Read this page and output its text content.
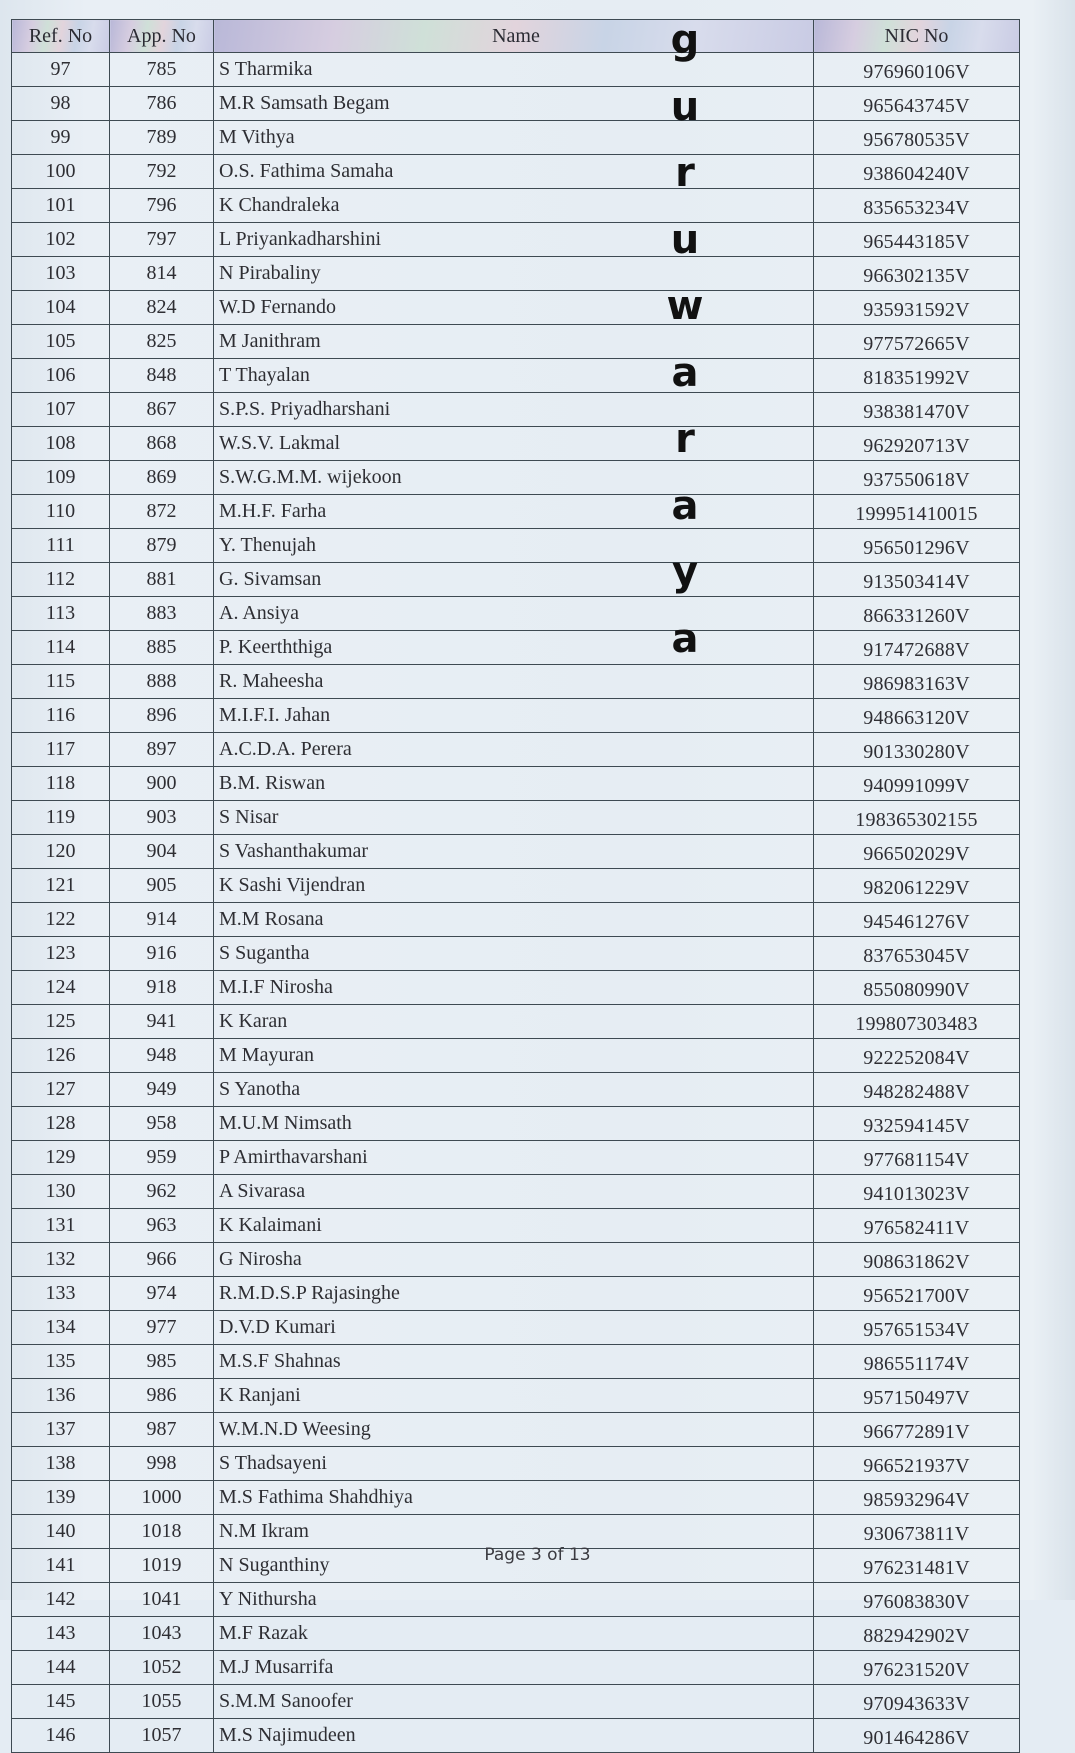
Ref. No	App. No	Name	NIC No
97	785	S Tharmika	976960106V
98	786	M.R Samsath Begam	965643745V
99	789	M Vithya	956780535V
100	792	O.S. Fathima Samaha	938604240V
101	796	K Chandraleka	835653234V
102	797	L Priyankadharshini	965443185V
103	814	N Pirabaliny	966302135V
104	824	W.D Fernando	935931592V
105	825	M Janithram	977572665V
106	848	T Thayalan	818351992V
107	867	S.P.S. Priyadharshani	938381470V
108	868	W.S.V. Lakmal	962920713V
109	869	S.W.G.M.M. wijekoon	937550618V
110	872	M.H.F. Farha	199951410015
111	879	Y. Thenujah	956501296V
112	881	G. Sivamsan	913503414V
113	883	A. Ansiya	866331260V
114	885	P. Keerththiga	917472688V
115	888	R. Maheesha	986983163V
116	896	M.I.F.I. Jahan	948663120V
117	897	A.C.D.A. Perera	901330280V
118	900	B.M. Riswan	940991099V
119	903	S Nisar	198365302155
120	904	S Vashanthakumar	966502029V
121	905	K Sashi Vijendran	982061229V
122	914	M.M Rosana	945461276V
123	916	S Sugantha	837653045V
124	918	M.I.F Nirosha	855080990V
125	941	K Karan	199807303483
126	948	M Mayuran	922252084V
127	949	S Yanotha	948282488V
128	958	M.U.M Nimsath	932594145V
129	959	P Amirthavarshani	977681154V
130	962	A Sivarasa	941013023V
131	963	K Kalaimani	976582411V
132	966	G Nirosha	908631862V
133	974	R.M.D.S.P Rajasinghe	956521700V
134	977	D.V.D Kumari	957651534V
135	985	M.S.F Shahnas	986551174V
136	986	K Ranjani	957150497V
137	987	W.M.N.D Weesing	966772891V
138	998	S Thadsayeni	966521937V
139	1000	M.S Fathima Shahdhiya	985932964V
140	1018	N.M Ikram	930673811V
141	1019	N Suganthiny	976231481V
142	1041	Y Nithursha	976083830V
143	1043	M.F Razak	882942902V
144	1052	M.J Musarrifa	976231520V
145	1055	S.M.M Sanoofer	970943633V
146	1057	M.S Najimudeen	901464286V
g
u
r
u
w
a
r
a
y
a
Page 3 of 13
